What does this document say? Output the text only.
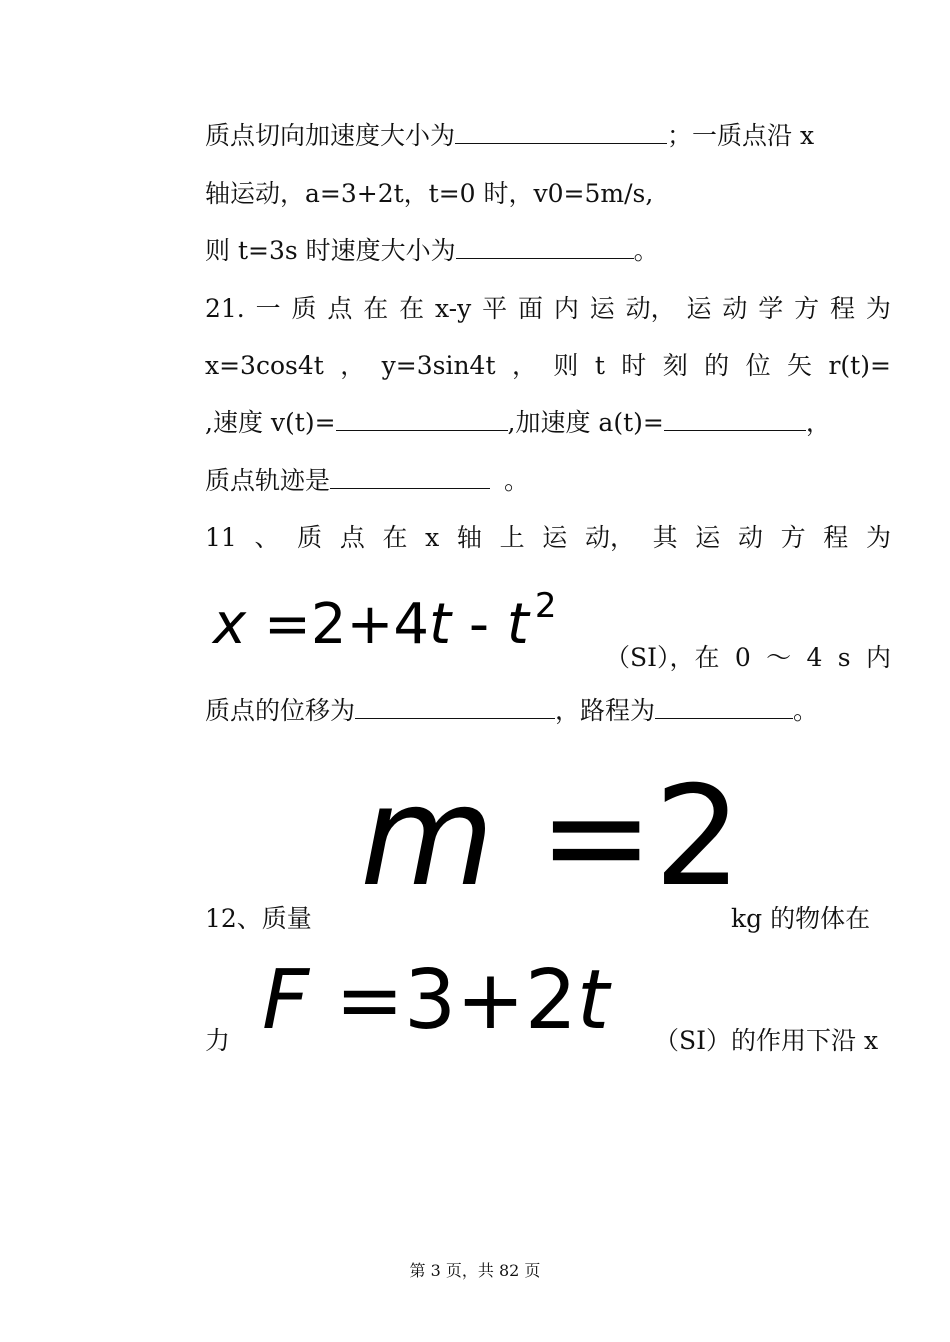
质点切向加速度大小为	；一质点沿 x
轴运动，a=3+2t，t=0 时，v0=5m/s,
则 t=3s 时速度大小为	。
21. 一 质 点 在 在 x-y 平 面 内 运 动， 运 动 学 方 程 为
x=3cos4t ， y=3sin4t ， 则 t 时 刻 的 位 矢 r(t)=
,速度 v(t)=	,加速度 a(t)=	，
质点轨迹是	。
11 、 质 点 在 x 轴 上 运 动， 其 运 动 方 程 为
x =2+4t - t $^2$
（SI），在 0 ～ 4 s 内
质点的位移为	，路程为	。
m =2
12、质量	kg 的物体在
F =3+2t
力	（SI）的作用下沿 x
第 3 页，共 82 页
